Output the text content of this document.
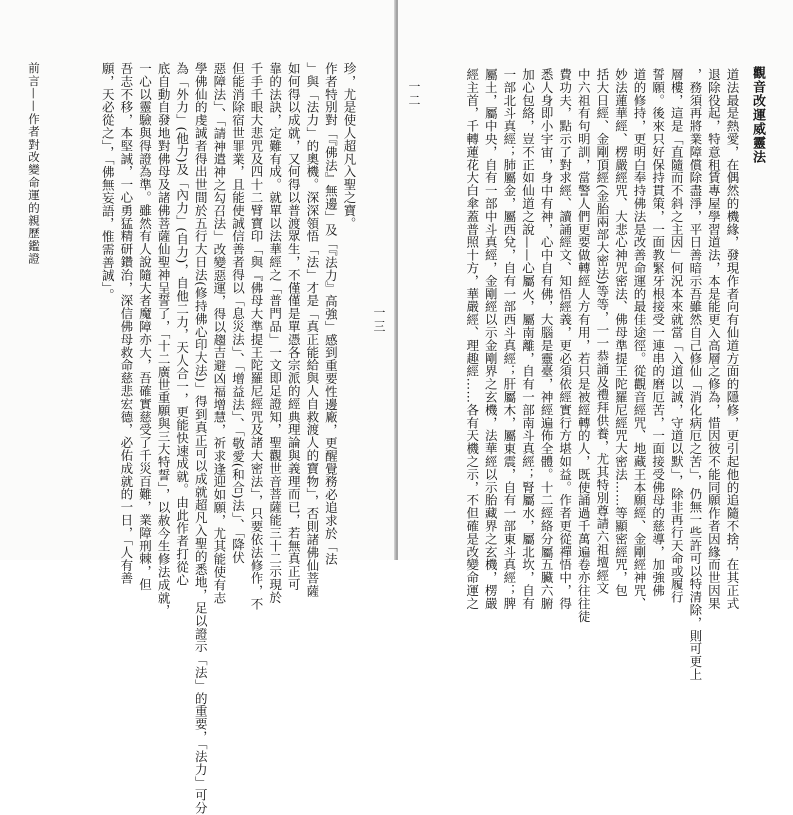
珍，尤是使人超凡入聖之寶。
作者特別對「『佛法』無邊」及「『法力』高強」感到重要性邊廠，更醒覺務必追求於「法
」與「法力」的奧機。深深領悟「法」才是「真正能給與人自救渡人的寶物」，否則諸佛仙菩薩
如何得以成就，又何得以普渡眾生，不僅僅是單憑各宗派的經典理論與義理而已，若無真正可
靠的法訣，定難有成。就單以法華經之「普門品」一文即足證知，聖觀世音菩薩能三十二示現於
千手千眼大悲咒及四十二臂寶印「與『佛母大準提王陀羅尼經咒及諸大密法」，只要依法修作，不
但能消除宿世罪業，且能使誠信善者得以「息災法」、「增益法」、「敬愛(和合)法」、「降伏
惡障法」、「請神遣神之勾召法」改變惡運，得以趨吉避凶福增慧，祈求逢迎如願，尤其能使有志
學佛仙的虔誠者得出世間於五行大日法(修持佛心印大法)」得到真正可以成就超凡入聖的悉地，足以證示「法」的重要，「法力」可分
為「外力」(他力)及「內力」(自力)，自他二力，天人合一，更能快速成就。由此作者打從心
底自動自發地對佛母及諸佛菩薩仙聖神呈誓了，「十二廣世重願與三大特誓」，以赦今生修法成就，
一心以靈驗與得證為準。雖然有人說隨大者魔障亦大，吾確實慈受了千災百難，業障刑棘，但
吾志不移，本堅誠，一心勇猛精研鑽治，深信佛母救命慈悲宏德，必佑成就的一日，「人有善
願，天必從之」，「佛無妄語，惟需善誠」。
前言——作者對改變命運的親歷鑑證
一三
觀音改運威靈法
道法最是熱愛，在偶然的機緣，發現作者向有仙道方面的隱修，更引起他的追隨不捨，在其正式
退除役起，特意租賃專屋學習道法，本是能更入高層之修為，惜因彼不能同願作者因緣而世因果
，務須再將業障償除盡淨，平日善暗示吾雖然自己修仙「消化病厄之苦」，仍無一些許可以特清除，則可更上
層樓，這是「直隨而不斜之主因」何況本來就當「入道以誠，守道以默」，除非再行天命或履行
誓願。後來只好保持貫策，一面教緊牙根接受一連串的磨厄苦，一面接受佛母的慈導，加強佛
道的修持，更明白奉持佛法是改善命運的最佳途徑。從觀音經咒、地藏王本願經、金剛經神咒、
妙法蓮華經、楞嚴經咒、大悲心神咒密法、佛母準提王陀羅尼經咒大密法……等顯密經咒，包
括大日經、金剛頂經(金胎兩部大密法)等等，一一恭誦及禮拜供養，尤其特別尊請六祖壇經文
中六祖有句明訓，當警人們更要做轉經人方有用，若只是被經轉的人，既使誦過千萬遍卷亦往往徒
費功夫，點示了對求經、讀誦經文、知悟經義，更必須依經實行方堪如益。作者更從禪悟中，得
悉人身即小宇宙，身中有神，心中自有佛，大腦是靈臺，神經遍佈全體。十二經絡分屬五臟六腑
加心包絡，豈不正如仙道之說——心屬火，屬南離，自有一部南斗真經；腎屬水，屬北坎，自有
一部北斗真經；肺屬金，屬西兌，自有一部西斗真經；肝屬木，屬東震，自有一部東斗真經；脾
屬土，屬中央，自有一部中斗真經，金剛經以示金剛界之玄機，法華經以示胎藏界之玄機，楞嚴
經主首，千轉蓮花大白傘蓋普照十方，華嚴經、理趣經……各有天機之示，不但確是改變命運之
一二
